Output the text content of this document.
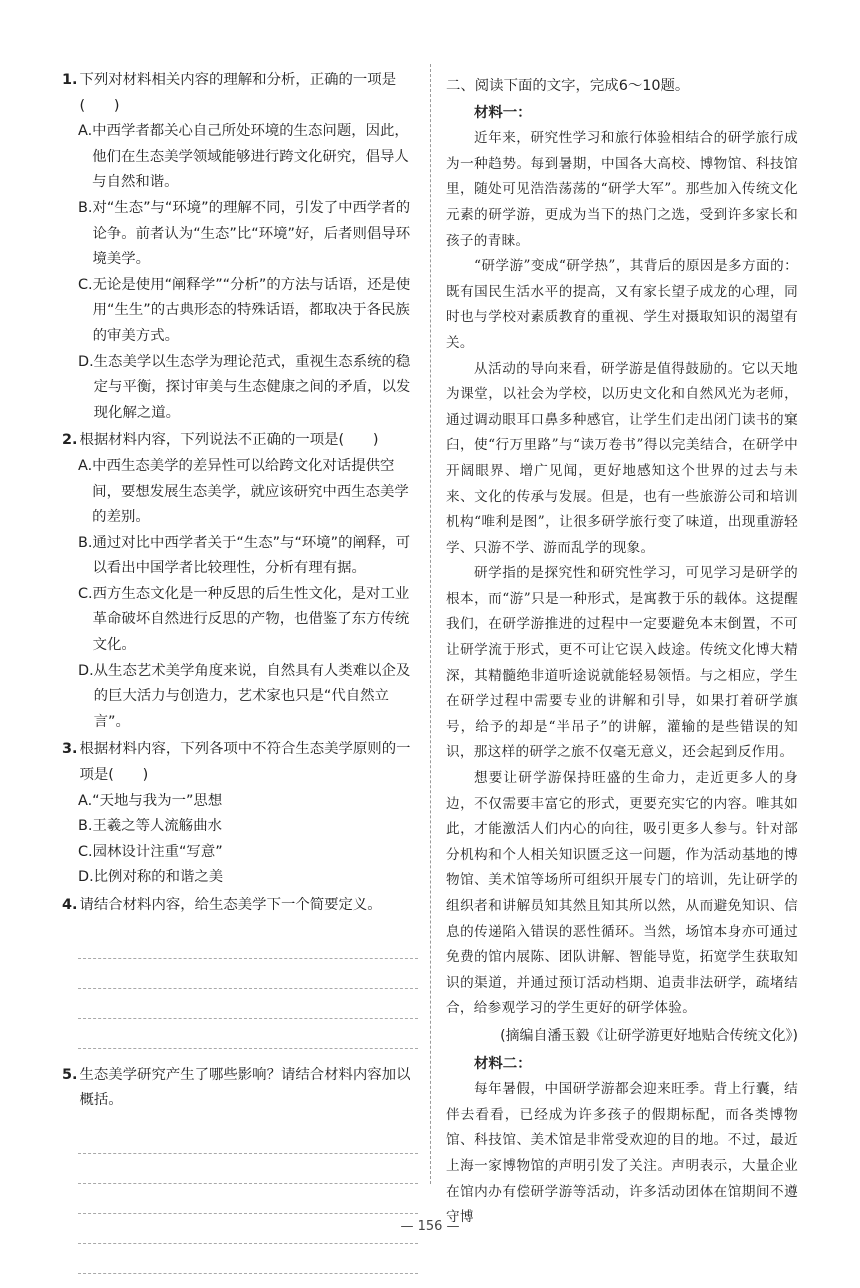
1. 下列对材料相关内容的理解和分析，正确的一项是(　　)
A. 中西学者都关心自己所处环境的生态问题，因此，他们在生态美学领域能够进行跨文化研究，倡导人与自然和谐。
B. 对“生态”与“环境”的理解不同，引发了中西学者的论争。前者认为“生态”比“环境”好，后者则倡导环境美学。
C. 无论是使用“阐释学”“分析”的方法与话语，还是使用“生生”的古典形态的特殊话语，都取决于各民族的审美方式。
D. 生态美学以生态学为理论范式，重视生态系统的稳定与平衡，探讨审美与生态健康之间的矛盾，以发现化解之道。
2. 根据材料内容，下列说法不正确的一项是(　　)
A. 中西生态美学的差异性可以给跨文化对话提供空间，要想发展生态美学，就应该研究中西生态美学的差别。
B. 通过对比中西学者关于“生态”与“环境”的阐释，可以看出中国学者比较理性，分析有理有据。
C. 西方生态文化是一种反思的后生性文化，是对工业革命破坏自然进行反思的产物，也借鉴了东方传统文化。
D. 从生态艺术美学角度来说，自然具有人类难以企及的巨大活力与创造力，艺术家也只是“代自然立言”。
3. 根据材料内容，下列各项中不符合生态美学原则的一项是(　　)
A. “天地与我为一”思想
B. 王羲之等人流觞曲水
C. 园林设计注重“写意”
D. 比例对称的和谐之美
4. 请结合材料内容，给生态美学下一个简要定义。
5. 生态美学研究产生了哪些影响？请结合材料内容加以概括。
二、阅读下面的文字，完成6～10题。
材料一：

近年来，研究性学习和旅行体验相结合的研学旅行成为一种趋势。每到暑期，中国各大高校、博物馆、科技馆里，随处可见浩浩荡荡的“研学大军”。那些加入传统文化元素的研学游，更成为当下的热门之选，受到许多家长和孩子的青睐。

“研学游”变成“研学热”，其背后的原因是多方面的：既有国民生活水平的提高，又有家长望子成龙的心理，同时也与学校对素质教育的重视、学生对摄取知识的渴望有关。

从活动的导向来看，研学游是值得鼓励的。它以天地为课堂，以社会为学校，以历史文化和自然风光为老师，通过调动眼耳口鼻多种感官，让学生们走出闭门读书的窠臼，使“行万里路”与“读万卷书”得以完美结合，在研学中开阔眼界、增广见闻，更好地感知这个世界的过去与未来、文化的传承与发展。但是，也有一些旅游公司和培训机构“唯利是图”，让很多研学旅行变了味道，出现重游轻学、只游不学、游而乱学的现象。

研学指的是探究性和研究性学习，可见学习是研学的根本，而“游”只是一种形式，是寓教于乐的载体。这提醒我们，在研学游推进的过程中一定要避免本末倒置，不可让研学流于形式，更不可让它误入歧途。传统文化博大精深，其精髓绝非道听途说就能轻易领悟。与之相应，学生在研学过程中需要专业的讲解和引导，如果打着研学旗号，给予的却是“半吊子”的讲解，灌输的是些错误的知识，那这样的研学之旅不仅毫无意义，还会起到反作用。

想要让研学游保持旺盛的生命力，走近更多人的身边，不仅需要丰富它的形式，更要充实它的内容。唯其如此，才能激活人们内心的向往，吸引更多人参与。针对部分机构和个人相关知识匮乏这一问题，作为活动基地的博物馆、美术馆等场所可组织开展专门的培训，先让研学的组织者和讲解员知其然且知其所以然，从而避免知识、信息的传递陷入错误的恶性循环。当然，场馆本身亦可通过免费的馆内展陈、团队讲解、智能导览，拓宽学生获取知识的渠道，并通过预订活动档期、追责非法研学，疏堵结合，给参观学习的学生更好的研学体验。

(摘编自潘玉毅《让研学游更好地贴合传统文化》)
材料二：

每年暑假，中国研学游都会迎来旺季。背上行囊，结伴去看看，已经成为许多孩子的假期标配，而各类博物馆、科技馆、美术馆是非常受欢迎的目的地。不过，最近上海一家博物馆的声明引发了关注。声明表示，大量企业在馆内办有偿研学游等活动，许多活动团体在馆期间不遵守博

— 156 —
